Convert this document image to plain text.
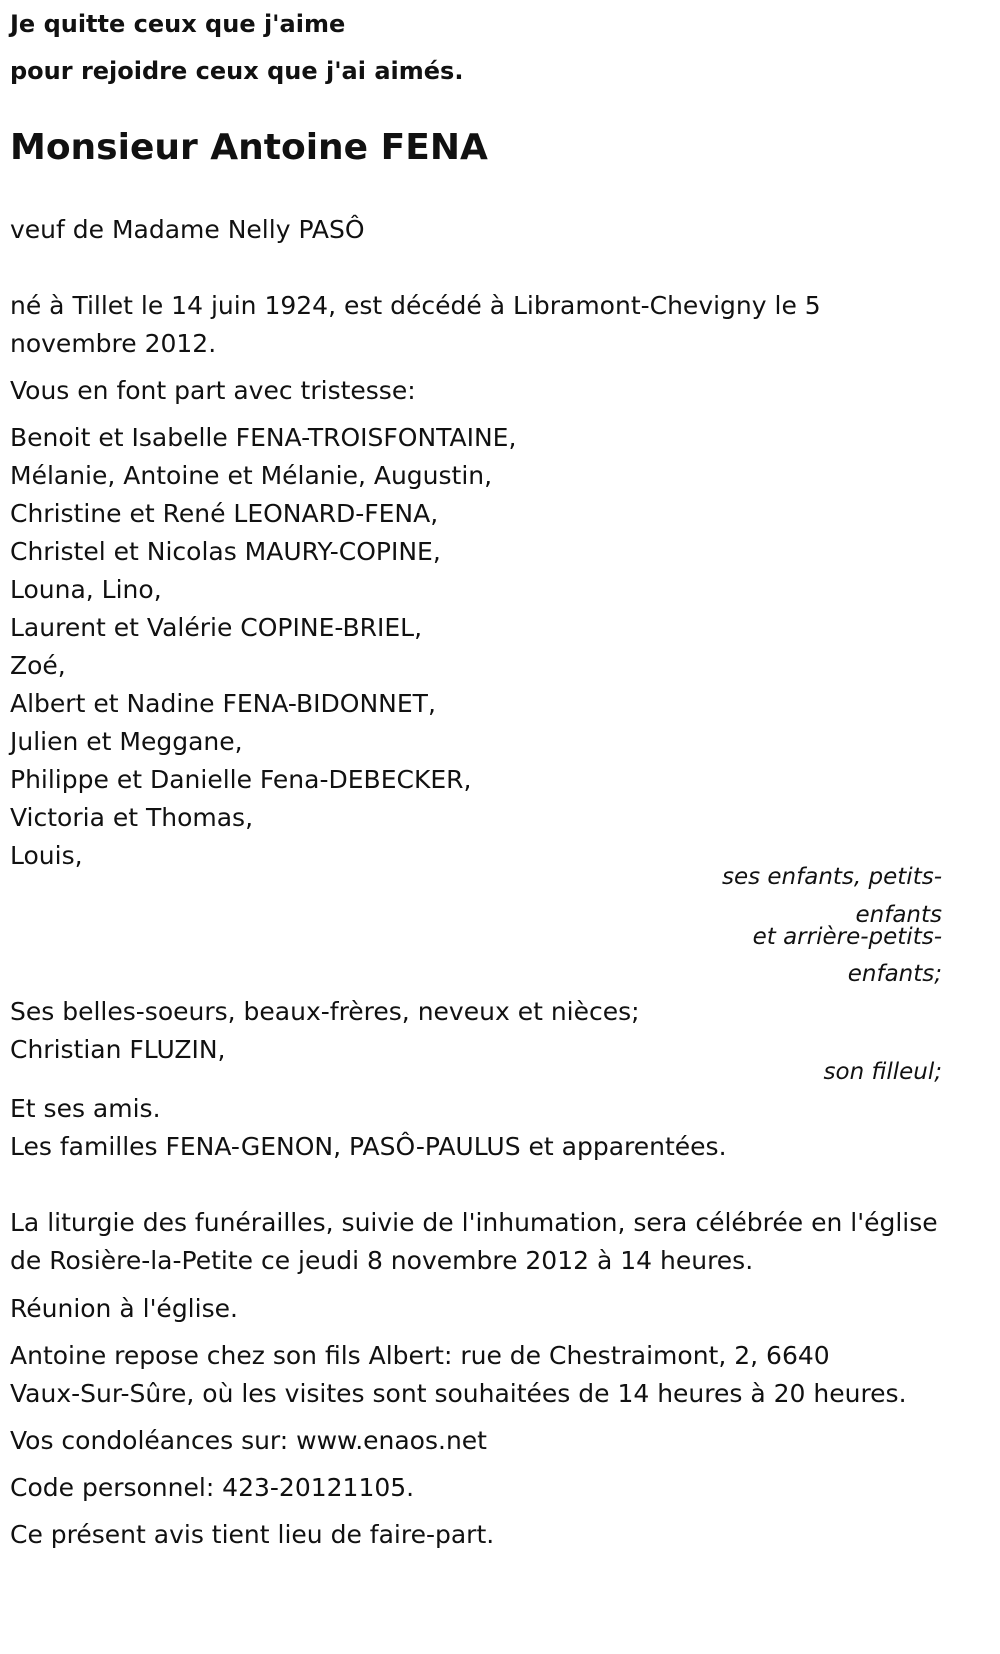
Je quitte ceux que j'aime

pour rejoidre ceux que j'ai aimés.

Monsieur Antoine FENA

veuf de Madame Nelly PASÔ

né à Tillet le 14 juin 1924, est décédé à Libramont-Chevigny le 5

novembre 2012.

Vous en font part avec tristesse:

Benoit et Isabelle FENA-TROISFONTAINE,

Mélanie, Antoine et Mélanie, Augustin,

Christine et René LEONARD-FENA,

Christel et Nicolas MAURY-COPINE,

Louna, Lino,

Laurent et Valérie COPINE-BRIEL,

Zoé,

Albert et Nadine FENA-BIDONNET,

Julien et Meggane,

Philippe et Danielle Fena-DEBECKER,

Victoria et Thomas,

Louis,

ses enfants, petits-

enfants

et arrière-petits-

enfants;

Ses belles-soeurs, beaux-frères, neveux et nièces;

Christian FLUZIN,

son filleul;

Et ses amis.

Les familles FENA-GENON, PASÔ-PAULUS et apparentées.

La liturgie des funérailles, suivie de l'inhumation, sera célébrée en l'église

de Rosière-la-Petite ce jeudi 8 novembre 2012 à 14 heures.

Réunion à l'église.

Antoine repose chez son fils Albert: rue de Chestraimont, 2, 6640

Vaux-Sur-Sûre, où les visites sont souhaitées de 14 heures à 20 heures.

Vos condoléances sur: www.enaos.net

Code personnel: 423-20121105.

Ce présent avis tient lieu de faire-part.
